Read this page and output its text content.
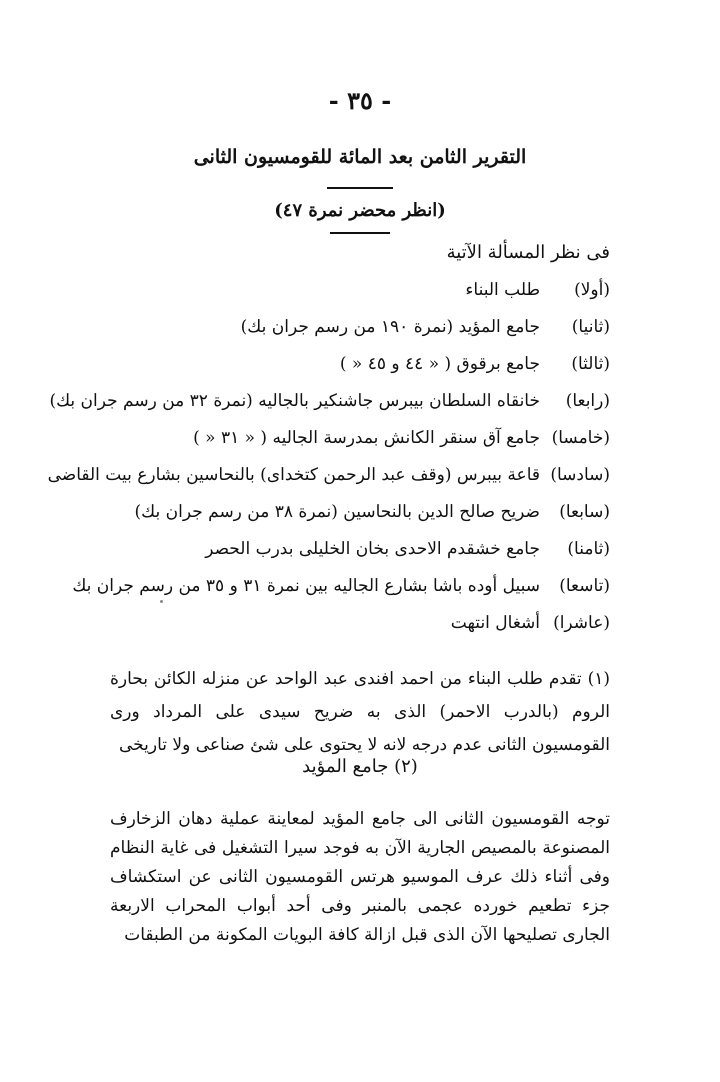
- ٣٥ -
التقرير الثامن بعد المائة للقومسيون الثانى
(انظر محضر نمرة ٤٧)
فى نظر المسألة الآتية
(أولا)طلب البناء
(ثانيا)جامع المؤيد (نمرة ١٩٠ من رسم جران بك)
(ثالثا)جامع برقوق ( « ٤٤ و ٤٥ « )
(رابعا)خانقاه السلطان بيبرس جاشنكير بالجاليه (نمرة ٣٢ من رسم جران بك)
(خامسا)جامع آق سنقر الكانش بمدرسة الجاليه ( « ٣١ « )
(سادسا)قاعة بيبرس (وقف عبد الرحمن كتخداى) بالنحاسين بشارع بيت القاضى
(سابعا)ضريح صالح الدين بالنحاسين (نمرة ٣٨ من رسم جران بك)
(ثامنا)جامع خشقدم الاحدى بخان الخليلى بدرب الحصر
(تاسعا)سبيل أوده باشا بشارع الجاليه بين نمرة ٣١ و ٣٥ من رسم جران بك
(عاشرا)أشغال انتهت

(١) تقدم طلب البناء من احمد افندى عبد الواحد عن منزله الكائن بحارة الروم (بالدرب الاحمر) الذى به ضريح سيدى على المرداد ورى القومسيون الثانى عدم درجه لانه لا يحتوى على شئ صناعى ولا تاريخى

(٢) جامع المؤيد

توجه القومسيون الثانى الى جامع المؤيد لمعاينة عملية دهان الزخارف المصنوعة بالمصيص الجارية الآن به فوجد سيرا التشغيل فى غاية النظام وفى أثناء ذلك عرف الموسيو هرتس القومسيون الثانى عن استكشاف جزء تطعيم خورده عجمى بالمنبر وفى أحد أبواب المحراب الاربعة الجارى تصليحها الآن الذى قبل ازالة كافة البويات المكونة من الطبقات
